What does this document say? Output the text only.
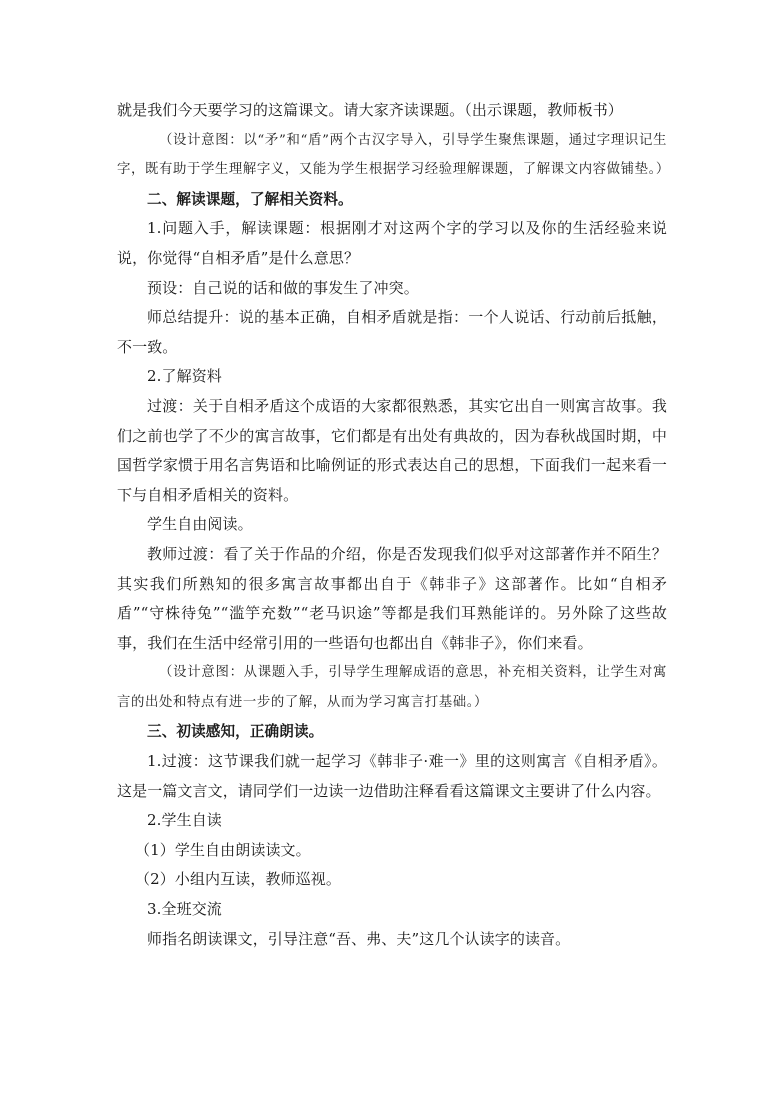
就是我们今天要学习的这篇课文。请大家齐读课题。（出示课题，教师板书）

（设计意图：以“矛”和“盾”两个古汉字导入，引导学生聚焦课题，通过字理识记生字，既有助于学生理解字义，又能为学生根据学习经验理解课题，了解课文内容做铺垫。）

二、解读课题，了解相关资料。

1.问题入手，解读课题：根据刚才对这两个字的学习以及你的生活经验来说说，你觉得“自相矛盾”是什么意思？

预设：自己说的话和做的事发生了冲突。

师总结提升：说的基本正确，自相矛盾就是指：一个人说话、行动前后抵触，不一致。

2.了解资料

过渡：关于自相矛盾这个成语的大家都很熟悉，其实它出自一则寓言故事。我们之前也学了不少的寓言故事，它们都是有出处有典故的，因为春秋战国时期，中国哲学家惯于用名言隽语和比喻例证的形式表达自己的思想，下面我们一起来看一下与自相矛盾相关的资料。

学生自由阅读。

教师过渡：看了关于作品的介绍，你是否发现我们似乎对这部著作并不陌生？其实我们所熟知的很多寓言故事都出自于《韩非子》这部著作。比如“自相矛盾”“守株待兔”“滥竽充数”“老马识途”等都是我们耳熟能详的。另外除了这些故事，我们在生活中经常引用的一些语句也都出自《韩非子》，你们来看。

（设计意图：从课题入手，引导学生理解成语的意思，补充相关资料，让学生对寓言的出处和特点有进一步的了解，从而为学习寓言打基础。）

三、初读感知，正确朗读。

1.过渡：这节课我们就一起学习《韩非子·难一》里的这则寓言《自相矛盾》。这是一篇文言文，请同学们一边读一边借助注释看看这篇课文主要讲了什么内容。

2.学生自读

（1）学生自由朗读读文。

（2）小组内互读，教师巡视。

3.全班交流

师指名朗读课文，引导注意“吾、弗、夫”这几个认读字的读音。
